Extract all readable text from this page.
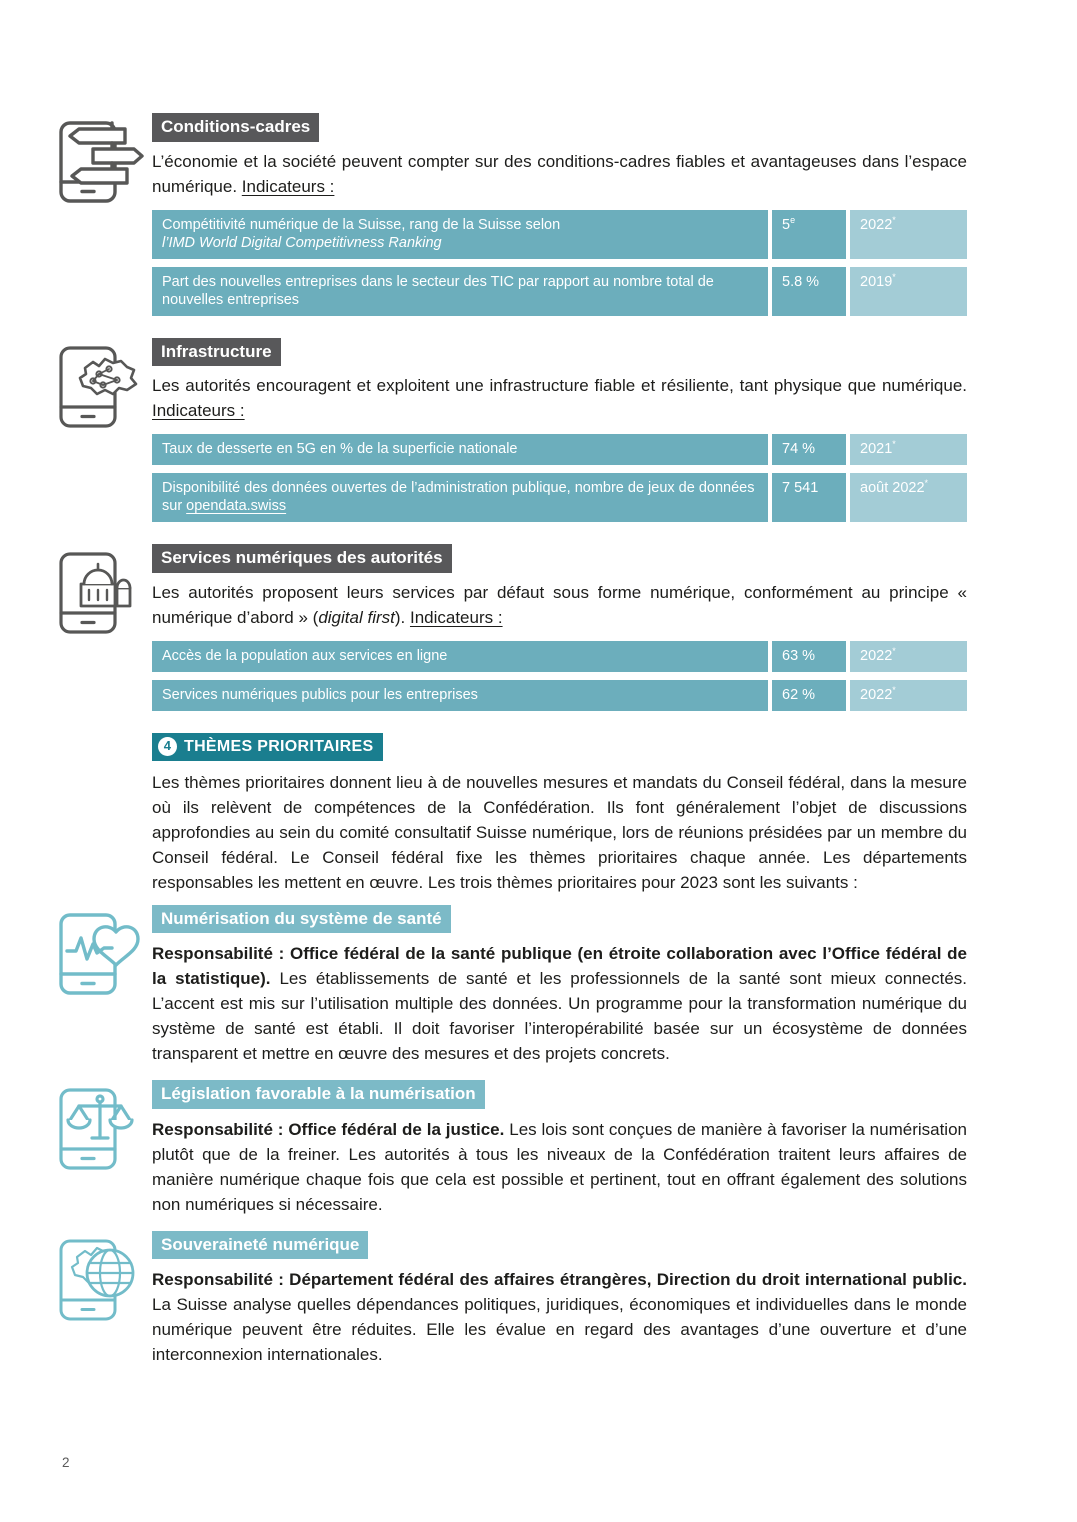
Conditions-cadres

L’économie et la société peuvent compter sur des conditions-cadres fiables et avantageuses dans l’espace numérique. Indicateurs :

Compétitivité numérique de la Suisse, rang de la Suisse selon
l’IMD World Digital Competitivness Ranking
5e	2022*
Part des nouvelles entreprises dans le secteur des TIC par rapport au nombre total de nouvelles entreprises
5.8 %	2019*
Infrastructure

Les autorités encouragent et exploitent une infrastructure fiable et résiliente, tant physique que numérique. Indicateurs :

Taux de desserte en 5G en % de la superficie nationale	74 %	2021*
Disponibilité des données ouvertes de l’administration publique, nombre de jeux de données sur opendata.swiss
7 541	août 2022*
Services numériques des autorités

Les autorités proposent leurs services par défaut sous forme numérique, conformément au principe « numérique d’abord » (digital first). Indicateurs :

Accès de la population aux services en ligne	63 %	2022*
Services numériques publics pour les entreprises	62 %	2022*
4 THÈMES PRIORITAIRES

Les thèmes prioritaires donnent lieu à de nouvelles mesures et mandats du Conseil fédéral, dans la mesure où ils relèvent de compétences de la Confédération. Ils font généralement l’objet de discussions approfondies au sein du comité consultatif Suisse numérique, lors de réunions présidées par un membre du Conseil fédéral. Le Conseil fédéral fixe les thèmes prioritaires chaque année. Les départements responsables les mettent en œuvre. Les trois thèmes prioritaires pour 2023 sont les suivants :

Numérisation du système de santé

Responsabilité : Office fédéral de la santé publique (en étroite collaboration avec l’Office fédéral de la statistique). Les établissements de santé et les professionnels de la santé sont mieux connectés. L’accent est mis sur l’utilisation multiple des données. Un programme pour la transformation numérique du système de santé est établi. Il doit favoriser l’interopérabilité basée sur un écosystème de données transparent et mettre en œuvre des mesures et des projets concrets.

Législation favorable à la numérisation

Responsabilité : Office fédéral de la justice. Les lois sont conçues de manière à favoriser la numérisation plutôt que de la freiner. Les autorités à tous les niveaux de la Confédération traitent leurs affaires de manière numérique chaque fois que cela est possible et pertinent, tout en offrant également des solutions non numériques si nécessaire.

Souveraineté numérique

Responsabilité : Département fédéral des affaires étrangères, Direction du droit international public. La Suisse analyse quelles dépendances politiques, juridiques, économiques et individuelles dans le monde numérique peuvent être réduites. Elle les évalue en regard des avantages d’une ouverture et d’une interconnexion internationales.

2
